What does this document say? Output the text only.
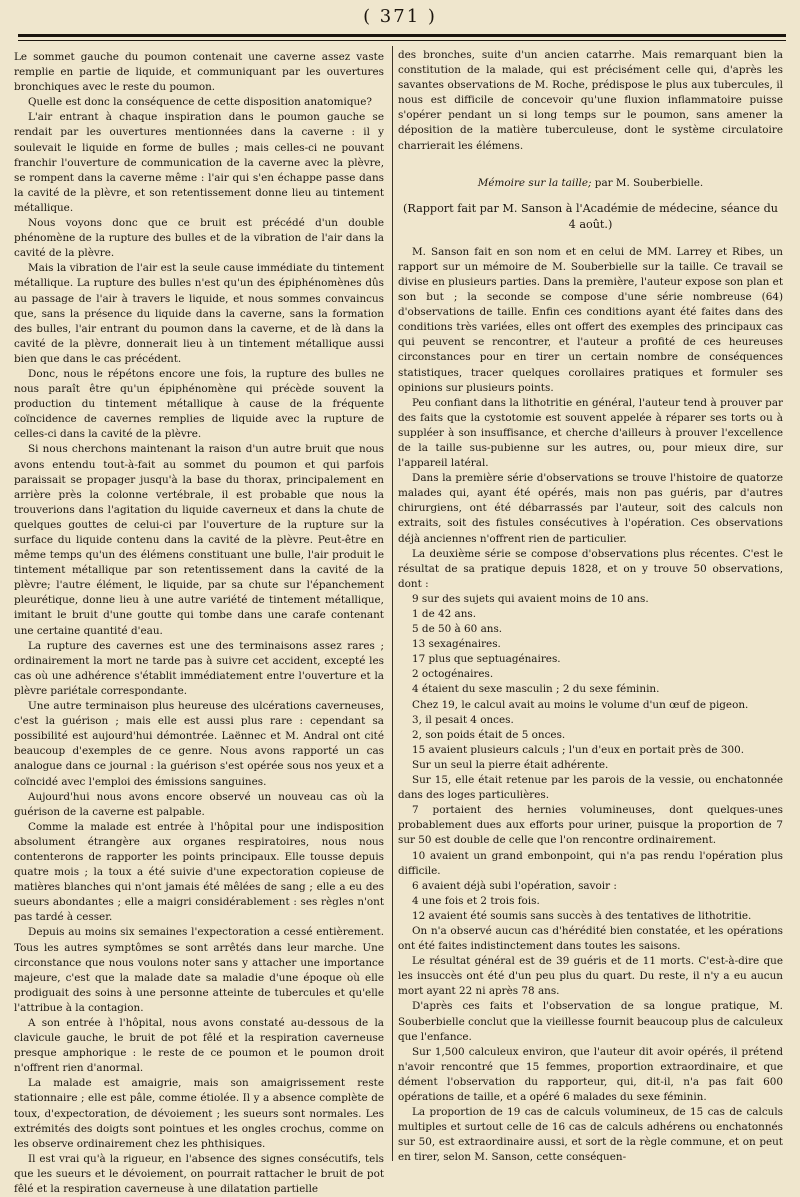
( 371 )

Le sommet gauche du poumon contenait une caverne assez vaste remplie en partie de liquide, et communiquant par les ouvertures bronchiques avec le reste du poumon.

Quelle est donc la conséquence de cette disposition anatomique?

L'air entrant à chaque inspiration dans le poumon gauche se rendait par les ouvertures mentionnées dans la caverne : il y soulevait le liquide en forme de bulles ; mais celles-ci ne pouvant franchir l'ouverture de communication de la caverne avec la plèvre, se rompent dans la caverne même : l'air qui s'en échappe passe dans la cavité de la plèvre, et son retentissement donne lieu au tintement métallique.

Nous voyons donc que ce bruit est précédé d'un double phénomène de la rupture des bulles et de la vibration de l'air dans la cavité de la plèvre.

Mais la vibration de l'air est la seule cause immédiate du tintement métallique. La rupture des bulles n'est qu'un des épiphénomènes dûs au passage de l'air à travers le liquide, et nous sommes convaincus que, sans la présence du liquide dans la caverne, sans la formation des bulles, l'air entrant du poumon dans la caverne, et de là dans la cavité de la plèvre, donnerait lieu à un tintement métallique aussi bien que dans le cas précédent.

Donc, nous le répétons encore une fois, la rupture des bulles ne nous paraît être qu'un épiphénomène qui précède souvent la production du tintement métallique à cause de la fréquente coïncidence de cavernes remplies de liquide avec la rupture de celles-ci dans la cavité de la plèvre.

Si nous cherchons maintenant la raison d'un autre bruit que nous avons entendu tout-à-fait au sommet du poumon et qui parfois paraissait se propager jusqu'à la base du thorax, principalement en arrière près la colonne vertébrale, il est probable que nous la trouverions dans l'agitation du liquide caverneux et dans la chute de quelques gouttes de celui-ci par l'ouverture de la rupture sur la surface du liquide contenu dans la cavité de la plèvre. Peut-être en même temps qu'un des élémens constituant une bulle, l'air produit le tintement métallique par son retentissement dans la cavité de la plèvre; l'autre élément, le liquide, par sa chute sur l'épanchement pleurétique, donne lieu à une autre variété de tintement métallique, imitant le bruit d'une goutte qui tombe dans une carafe contenant une certaine quantité d'eau.

La rupture des cavernes est une des terminaisons assez rares ; ordinairement la mort ne tarde pas à suivre cet accident, excepté les cas où une adhérence s'établit immédiatement entre l'ouverture et la plèvre pariétale correspondante.

Une autre terminaison plus heureuse des ulcérations caverneuses, c'est la guérison ; mais elle est aussi plus rare : cependant sa possibilité est aujourd'hui démontrée. Laënnec et M. Andral ont cité beaucoup d'exemples de ce genre. Nous avons rapporté un cas analogue dans ce journal : la guérison s'est opérée sous nos yeux et a coïncidé avec l'emploi des émissions sanguines.

Aujourd'hui nous avons encore observé un nouveau cas où la guérison de la caverne est palpable.

Comme la malade est entrée à l'hôpital pour une indisposition absolument étrangère aux organes respiratoires, nous nous contenterons de rapporter les points principaux. Elle tousse depuis quatre mois ; la toux a été suivie d'une expectoration copieuse de matières blanches qui n'ont jamais été mêlées de sang ; elle a eu des sueurs abondantes ; elle a maigri considérablement : ses règles n'ont pas tardé à cesser.

Depuis au moins six semaines l'expectoration a cessé entièrement. Tous les autres symptômes se sont arrêtés dans leur marche. Une circonstance que nous voulons noter sans y attacher une importance majeure, c'est que la malade date sa maladie d'une époque où elle prodiguait des soins à une personne atteinte de tubercules et qu'elle l'attribue à la contagion.

A son entrée à l'hôpital, nous avons constaté au-dessous de la clavicule gauche, le bruit de pot fêlé et la respiration caverneuse presque amphorique : le reste de ce poumon et le poumon droit n'offrent rien d'anormal.

La malade est amaigrie, mais son amaigrissement reste stationnaire ; elle est pâle, comme étiolée. Il y a absence complète de toux, d'expectoration, de dévoiement ; les sueurs sont normales. Les extrémités des doigts sont pointues et les ongles crochus, comme on les observe ordinairement chez les phthisiques.

Il est vrai qu'à la rigueur, en l'absence des signes consécutifs, tels que les sueurs et le dévoiement, on pourrait rattacher le bruit de pot fêlé et la respiration caverneuse à une dilatation partielle

des bronches, suite d'un ancien catarrhe. Mais remarquant bien la constitution de la malade, qui est précisément celle qui, d'après les savantes observations de M. Roche, prédispose le plus aux tubercules, il nous est difficile de concevoir qu'une fluxion inflammatoire puisse s'opérer pendant un si long temps sur le poumon, sans amener la déposition de la matière tuberculeuse, dont le système circulatoire charrierait les élémens.

Mémoire sur la taille; par M. Souberbielle.

(Rapport fait par M. Sanson à l'Académie de médecine, séance du 4 août.)

M. Sanson fait en son nom et en celui de MM. Larrey et Ribes, un rapport sur un mémoire de M. Souberbielle sur la taille. Ce travail se divise en plusieurs parties. Dans la première, l'auteur expose son plan et son but ; la seconde se compose d'une série nombreuse (64) d'observations de taille. Enfin ces conditions ayant été faites dans des conditions très variées, elles ont offert des exemples des principaux cas qui peuvent se rencontrer, et l'auteur a profité de ces heureuses circonstances pour en tirer un certain nombre de conséquences statistiques, tracer quelques corollaires pratiques et formuler ses opinions sur plusieurs points.

Peu confiant dans la lithotritie en général, l'auteur tend à prouver par des faits que la cystotomie est souvent appelée à réparer ses torts ou à suppléer à son insuffisance, et cherche d'ailleurs à prouver l'excellence de la taille sus-pubienne sur les autres, ou, pour mieux dire, sur l'appareil latéral.

Dans la première série d'observations se trouve l'histoire de quatorze malades qui, ayant été opérés, mais non pas guéris, par d'autres chirurgiens, ont été débarrassés par l'auteur, soit des calculs non extraits, soit des fistules consécutives à l'opération. Ces observations déjà anciennes n'offrent rien de particulier.

La deuxième série se compose d'observations plus récentes. C'est le résultat de sa pratique depuis 1828, et on y trouve 50 observations, dont :

9 sur des sujets qui avaient moins de 10 ans.

1 de 42 ans.

5 de 50 à 60 ans.

13 sexagénaires.

17 plus que septuagénaires.

2 octogénaires.

4 étaient du sexe masculin ; 2 du sexe féminin.

Chez 19, le calcul avait au moins le volume d'un œuf de pigeon.

3, il pesait 4 onces.

2, son poids était de 5 onces.

15 avaient plusieurs calculs ; l'un d'eux en portait près de 300.

Sur un seul la pierre était adhérente.

Sur 15, elle était retenue par les parois de la vessie, ou enchatonnée dans des loges particulières.

7 portaient des hernies volumineuses, dont quelques-unes probablement dues aux efforts pour uriner, puisque la proportion de 7 sur 50 est double de celle que l'on rencontre ordinairement.

10 avaient un grand embonpoint, qui n'a pas rendu l'opération plus difficile.

6 avaient déjà subi l'opération, savoir :

4 une fois et 2 trois fois.

12 avaient été soumis sans succès à des tentatives de lithotritie.

On n'a observé aucun cas d'hérédité bien constatée, et les opérations ont été faites indistinctement dans toutes les saisons.

Le résultat général est de 39 guéris et de 11 morts. C'est-à-dire que les insuccès ont été d'un peu plus du quart. Du reste, il n'y a eu aucun mort ayant 22 ni après 78 ans.

D'après ces faits et l'observation de sa longue pratique, M. Souberbielle conclut que la vieillesse fournit beaucoup plus de calculeux que l'enfance.

Sur 1,500 calculeux environ, que l'auteur dit avoir opérés, il prétend n'avoir rencontré que 15 femmes, proportion extraordinaire, et que dément l'observation du rapporteur, qui, dit-il, n'a pas fait 600 opérations de taille, et a opéré 6 malades du sexe féminin.

La proportion de 19 cas de calculs volumineux, de 15 cas de calculs multiples et surtout celle de 16 cas de calculs adhérens ou enchatonnés sur 50, est extraordinaire aussi, et sort de la règle commune, et on peut en tirer, selon M. Sanson, cette conséquen-
